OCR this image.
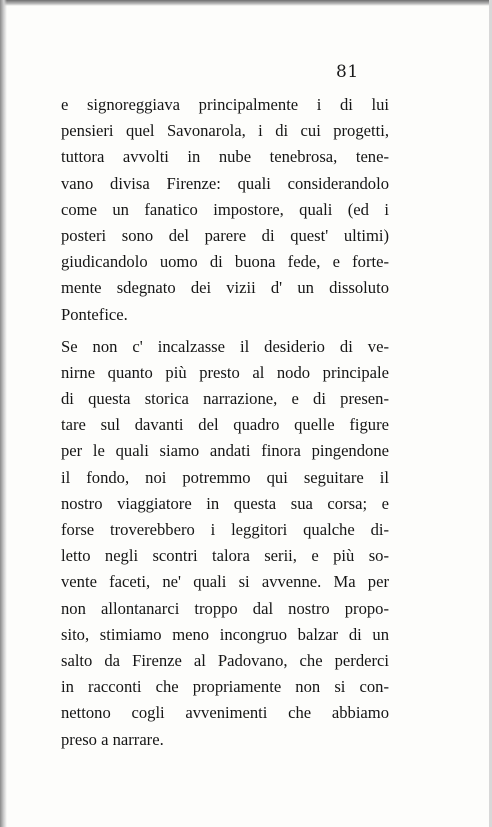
81
e signoreggiava principalmente i di lui
pensieri quel Savonarola, i di cui progetti,
tuttora avvolti in nube tenebrosa, tene-
vano divisa Firenze: quali considerandolo
come un fanatico impostore, quali (ed i
posteri sono del parere di quest' ultimi)
giudicandolo uomo di buona fede, e forte-
mente sdegnato dei vizii d' un dissoluto
Pontefice.
Se non c' incalzasse il desiderio di ve-
nirne quanto più presto al nodo principale
di questa storica narrazione, e di presen-
tare sul davanti del quadro quelle figure
per le quali siamo andati finora pingendone
il fondo, noi potremmo qui seguitare il
nostro viaggiatore in questa sua corsa; e
forse troverebbero i leggitori qualche di-
letto negli scontri talora serii, e più so-
vente faceti, ne' quali si avvenne. Ma per
non allontanarci troppo dal nostro propo-
sito, stimiamo meno incongruo balzar di un
salto da Firenze al Padovano, che perderci
in racconti che propriamente non si con-
nettono cogli avvenimenti che abbiamo
preso a narrare.
